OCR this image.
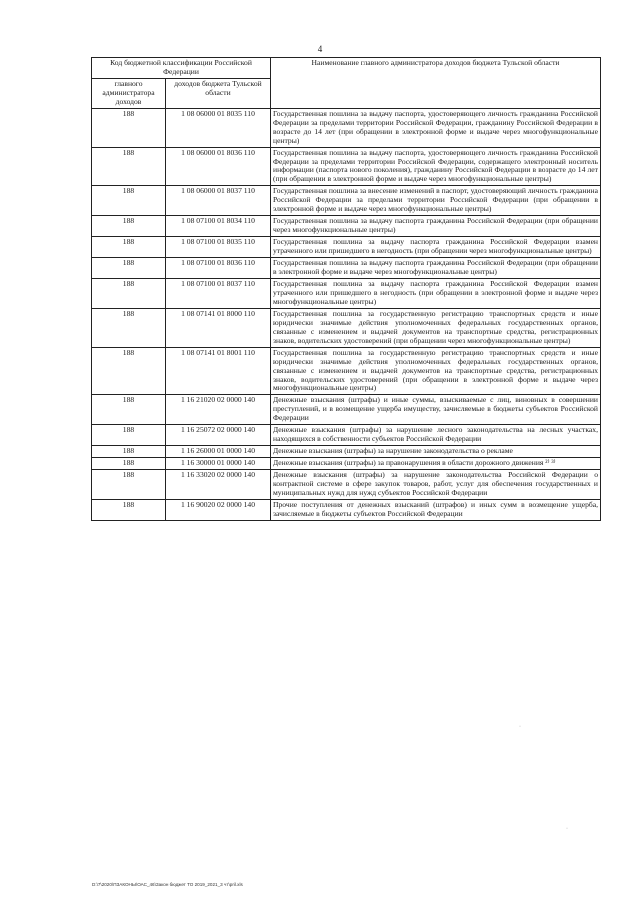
4
Код бюджетной классификации Российской Федерации		Наименование главного администратора доходов бюджета Тульской области
главного администратора доходов	доходов бюджета Тульской области	
188	1 08 06000 01 8035 110	Государственная пошлина за выдачу паспорта, удостоверяющего личность гражданина Российской Федерации за пределами территории Российской Федерации, гражданину Российской Федерации в возрасте до 14 лет (при обращении в электронной форме и выдаче через многофункциональные центры)
188	1 08 06000 01 8036 110	Государственная пошлина за выдачу паспорта, удостоверяющего личность гражданина Российской Федерации за пределами территории Российской Федерации, содержащего электронный носитель информации (паспорта нового поколения), гражданину Российской Федерации в возрасте до 14 лет (при обращении в электронной форме и выдаче через многофункциональные центры)
188	1 08 06000 01 8037 110	Государственная пошлина за внесение изменений в паспорт, удостоверяющий личность гражданина Российской Федерации за пределами территории Российской Федерации (при обращении в электронной форме и выдаче через многофункциональные центры)
188	1 08 07100 01 8034 110	Государственная пошлина за выдачу паспорта гражданина Российской Федерации (при обращении через многофункциональные центры)
188	1 08 07100 01 8035 110	Государственная пошлина за выдачу паспорта гражданина Российской Федерации взамен утраченного или пришедшего в негодность (при обращении через многофункциональные центры)
188	1 08 07100 01 8036 110	Государственная пошлина за выдачу паспорта гражданина Российской Федерации (при обращении в электронной форме и выдаче через многофункциональные центры)
188	1 08 07100 01 8037 110	Государственная пошлина за выдачу паспорта гражданина Российской Федерации взамен утраченного или пришедшего в негодность (при обращении в электронной форме и выдаче через многофункциональные центры)
188	1 08 07141 01 8000 110	Государственная пошлина за государственную регистрацию транспортных средств и иные юридически значимые действия уполномоченных федеральных государственных органов, связанные с изменением и выдачей документов на транспортные средства, регистрационных знаков, водительских удостоверений (при обращении через многофункциональные центры)
188	1 08 07141 01 8001 110	Государственная пошлина за государственную регистрацию транспортных средств и иные юридически значимые действия уполномоченных федеральных государственных органов, связанные с изменением и выдачей документов на транспортные средства, регистрационных знаков, водительских удостоверений (при обращении в электронной форме и выдаче через многофункциональные центры)
188	1 16 21020 02 0000 140	Денежные взыскания (штрафы) и иные суммы, взыскиваемые с лиц, виновных в совершении преступлений, и в возмещение ущерба имуществу, зачисляемые в бюджеты субъектов Российской Федерации
188	1 16 25072 02 0000 140	Денежные взыскания (штрафы) за нарушение лесного законодательства на лесных участках, находящихся в собственности субъектов Российской Федерации
188	1 16 26000 01 0000 140	Денежные взыскания (штрафы) за нарушение законодательства о рекламе
188	1 16 30000 01 0000 140	Денежные взыскания (штрафы) за правонарушения в области дорожного движения ²⁾ ³⁾
188	1 16 33020 02 0000 140	Денежные взыскания (штрафы) за нарушение законодательства Российской Федерации о контрактной системе в сфере закупок товаров, работ, услуг для обеспечения государственных и муниципальных нужд для нужд субъектов Российской Федерации
188	1 16 90020 02 0000 140	Прочие поступления от денежных взысканий (штрафов) и иных сумм в возмещение ущерба, зачисляемые в бюджеты субъектов Российской Федерации
·
·
D:\7\2020\ПЗАКОНЫ\ОАС_46\Закон бюджет ТО 2019_2021_3 чт\pril.xls
